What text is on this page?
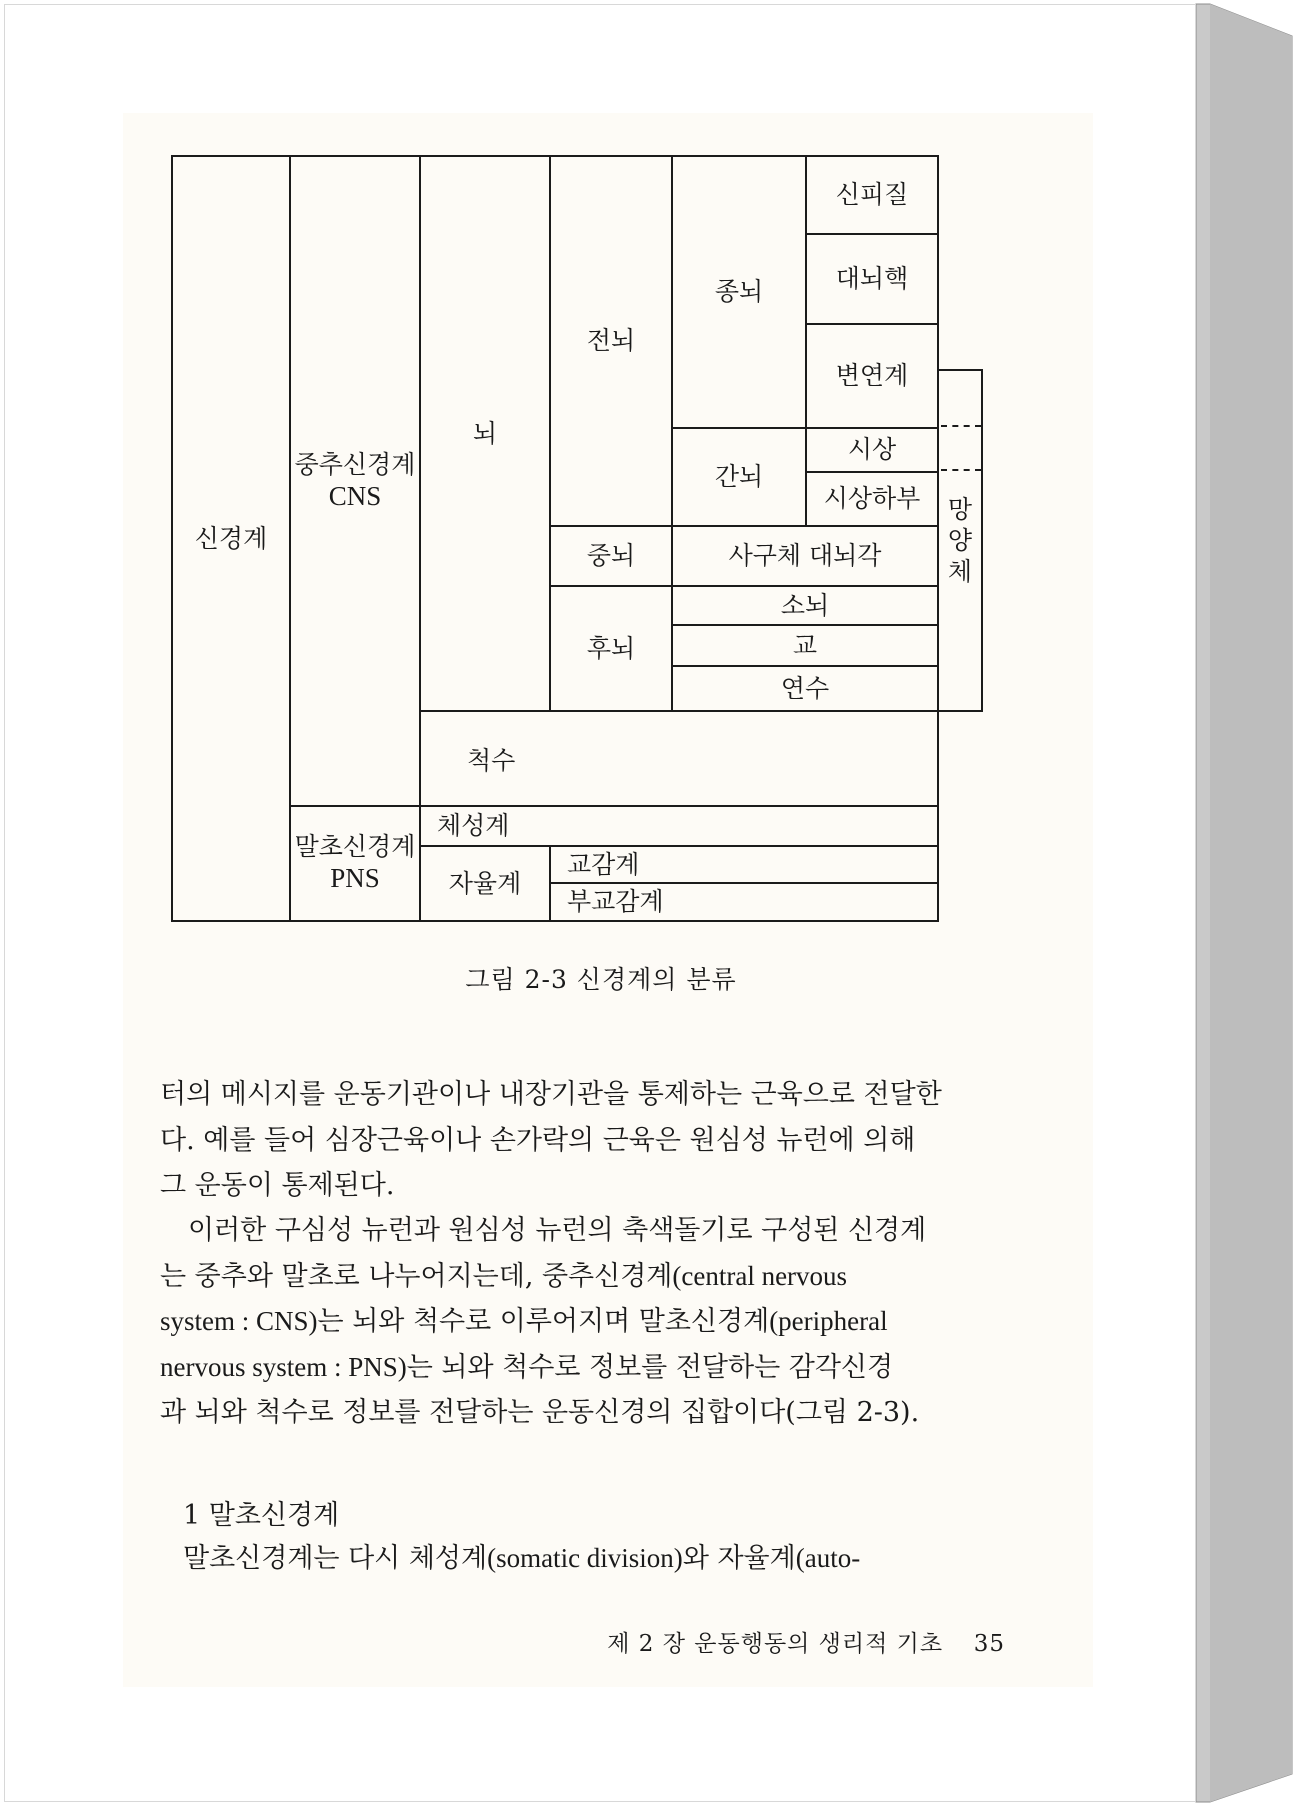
신경계
중추신경계
CNS
뇌
전뇌
종뇌
신피질
대뇌핵
변연계
간뇌
시상
시상하부
중뇌	사구체 대뇌각
후뇌
소뇌
교
연수
망
양
체
척수
말초신경계
PNS
체성계
자율계
교감계
부교감계
그림 2-3 신경계의 분류

터의 메시지를 운동기관이나 내장기관을 통제하는 근육으로 전달한
다. 예를 들어 심장근육이나 손가락의 근육은 원심성 뉴런에 의해
그 운동이 통제된다.

이러한 구심성 뉴런과 원심성 뉴런의 축색돌기로 구성된 신경계
는 중추와 말초로 나누어지는데, 중추신경계(central nervous
system : CNS)는 뇌와 척수로 이루어지며 말초신경계(peripheral
nervous system : PNS)는 뇌와 척수로 정보를 전달하는 감각신경
과 뇌와 척수로 정보를 전달하는 운동신경의 집합이다(그림 2-3).

1 말초신경계

말초신경계는 다시 체성계(somatic division)와 자율계(auto-

제 2 장 운동행동의 생리적 기초 35
